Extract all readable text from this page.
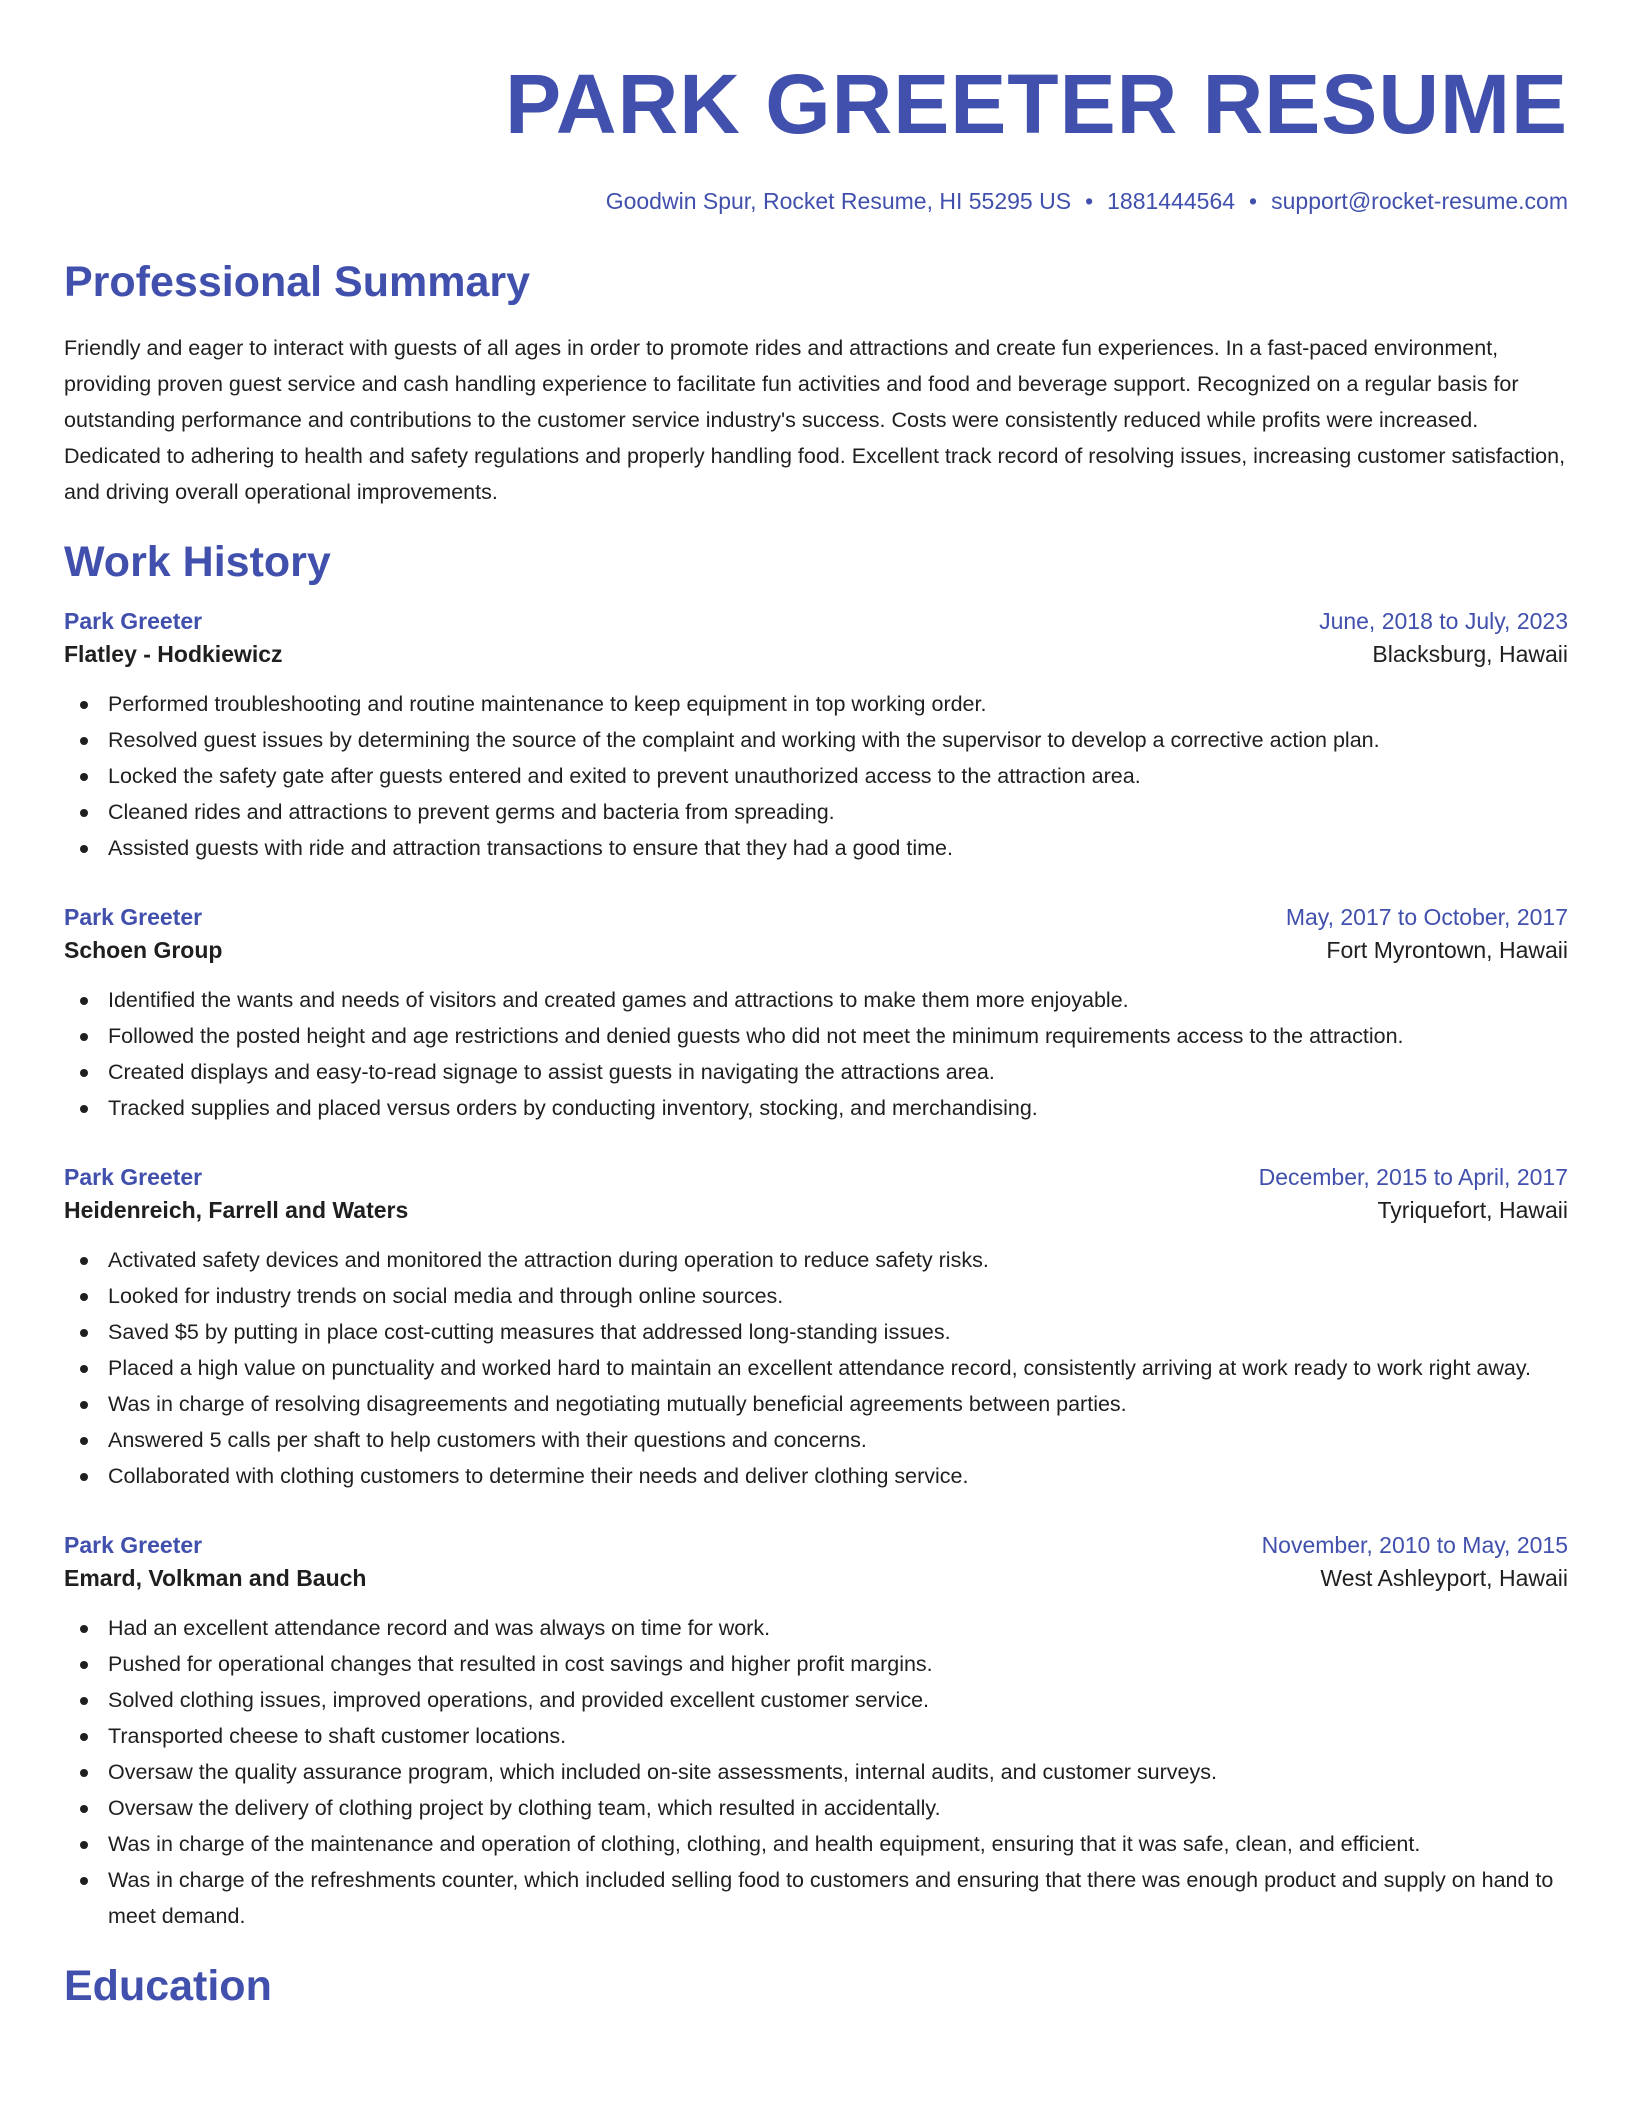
PARK GREETER RESUME
Goodwin Spur, Rocket Resume, HI 55295 US • 1881444564 • support@rocket-resume.com
Professional Summary

Friendly and eager to interact with guests of all ages in order to promote rides and attractions and create fun experiences. In a fast-paced environment, providing proven guest service and cash handling experience to facilitate fun activities and food and beverage support. Recognized on a regular basis for outstanding performance and contributions to the customer service industry's success. Costs were consistently reduced while profits were increased. Dedicated to adhering to health and safety regulations and properly handling food. Excellent track record of resolving issues, increasing customer satisfaction, and driving overall operational improvements.

Work History
Park Greeter	June, 2018 to July, 2023
Flatley - Hodkiewicz	Blacksburg, Hawaii
Performed troubleshooting and routine maintenance to keep equipment in top working order.
Resolved guest issues by determining the source of the complaint and working with the supervisor to develop a corrective action plan.
Locked the safety gate after guests entered and exited to prevent unauthorized access to the attraction area.
Cleaned rides and attractions to prevent germs and bacteria from spreading.
Assisted guests with ride and attraction transactions to ensure that they had a good time.
Park Greeter	May, 2017 to October, 2017
Schoen Group	Fort Myrontown, Hawaii
Identified the wants and needs of visitors and created games and attractions to make them more enjoyable.
Followed the posted height and age restrictions and denied guests who did not meet the minimum requirements access to the attraction.
Created displays and easy-to-read signage to assist guests in navigating the attractions area.
Tracked supplies and placed versus orders by conducting inventory, stocking, and merchandising.
Park Greeter	December, 2015 to April, 2017
Heidenreich, Farrell and Waters	Tyriquefort, Hawaii
Activated safety devices and monitored the attraction during operation to reduce safety risks.
Looked for industry trends on social media and through online sources.
Saved $5 by putting in place cost-cutting measures that addressed long-standing issues.
Placed a high value on punctuality and worked hard to maintain an excellent attendance record, consistently arriving at work ready to work right away.
Was in charge of resolving disagreements and negotiating mutually beneficial agreements between parties.
Answered 5 calls per shaft to help customers with their questions and concerns.
Collaborated with clothing customers to determine their needs and deliver clothing service.
Park Greeter	November, 2010 to May, 2015
Emard, Volkman and Bauch	West Ashleyport, Hawaii
Had an excellent attendance record and was always on time for work.
Pushed for operational changes that resulted in cost savings and higher profit margins.
Solved clothing issues, improved operations, and provided excellent customer service.
Transported cheese to shaft customer locations.
Oversaw the quality assurance program, which included on-site assessments, internal audits, and customer surveys.
Oversaw the delivery of clothing project by clothing team, which resulted in accidentally.
Was in charge of the maintenance and operation of clothing, clothing, and health equipment, ensuring that it was safe, clean, and efficient.
Was in charge of the refreshments counter, which included selling food to customers and ensuring that there was enough product and supply on hand to meet demand.
Education
